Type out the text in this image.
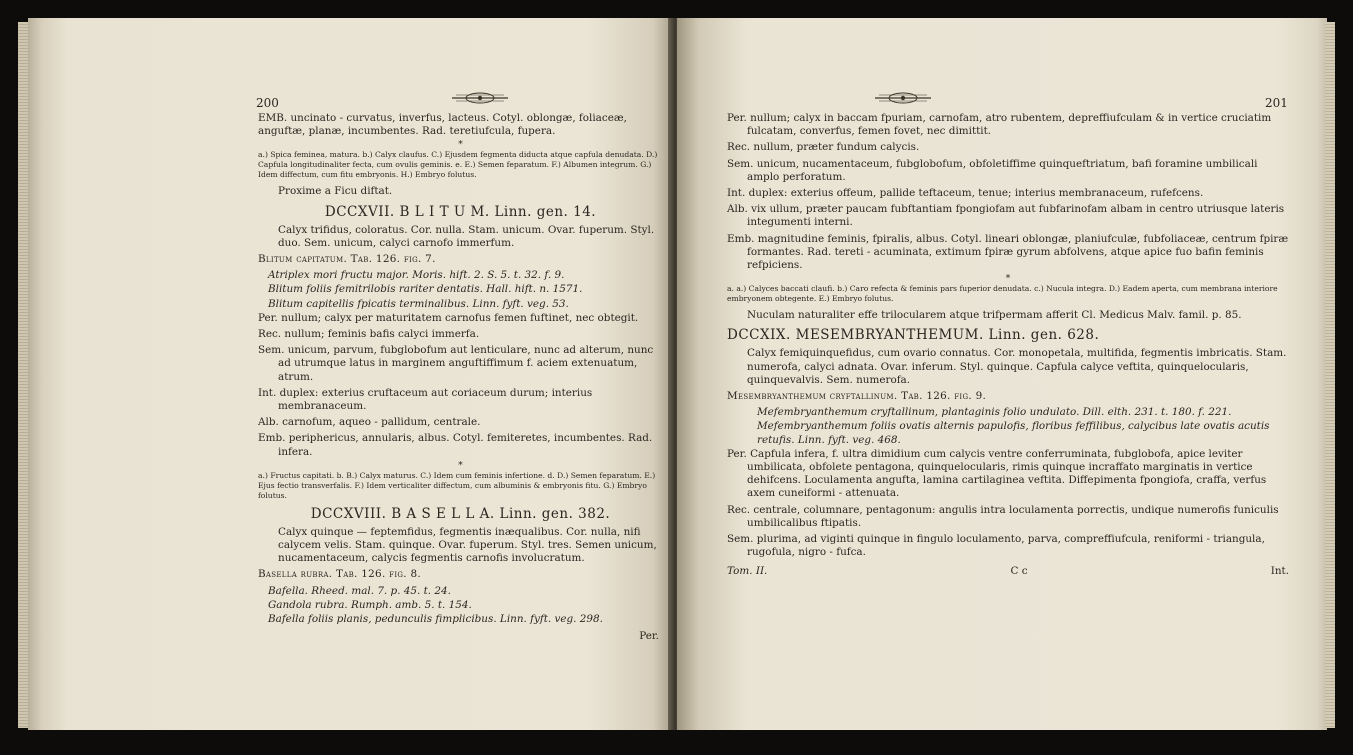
200

EMB. uncinato - curvatus, inverfus, lacteus. Cotyl. oblongæ, foliaceæ, anguftæ, planæ, incumbentes. Rad. teretiufcula, fupera.

*

a.) Spica feminea, matura. b.) Calyx claufus. C.) Ejusdem fegmenta diducta atque capfula denudata. D.) Capfula longitudinaliter fecta, cum ovulis geminis. e. E.) Semen feparatum. F.) Albumen integrum. G.) Idem diffectum, cum fitu embryonis. H.) Embryo folutus.

Proxime a Ficu diftat.

DCCXVII. B L I T U M. Linn. gen. 14.

Calyx trifidus, coloratus. Cor. nulla. Stam. unicum. Ovar. fuperum. Styl. duo. Sem. unicum, calyci carnofo immerfum.

Blitum capitatum. Tab. 126. fig. 7.

Atriplex mori fructu major. Moris. hift. 2. S. 5. t. 32. f. 9.

Blitum foliis femitrilobis rariter dentatis. Hall. hift. n. 1571.

Blitum capitellis fpicatis terminalibus. Linn. fyft. veg. 53.

Per. nullum; calyx per maturitatem carnofus femen fuftinet, nec obtegit.

Rec. nullum; feminis bafis calyci immerfa.

Sem. unicum, parvum, fubglobofum aut lenticulare, nunc ad alterum, nunc ad utrumque latus in marginem anguftiffimum f. aciem extenuatum, atrum.

Int. duplex: exterius cruftaceum aut coriaceum durum; interius membranaceum.

Alb. carnofum, aqueo - pallidum, centrale.

Emb. periphericus, annularis, albus. Cotyl. femiteretes, incumbentes. Rad. infera.

*

a.) Fructus capitati. b. B.) Calyx maturus. C.) Idem cum feminis infertione. d. D.) Semen feparatum. E.) Ejus fectio transverfalis. F.) Idem verticaliter diffectum, cum albuminis & embryonis fitu. G.) Embryo folutus.

DCCXVIII. B A S E L L A. Linn. gen. 382.

Calyx quinque — feptemfidus, fegmentis inæqualibus. Cor. nulla, nifi calycem velis. Stam. quinque. Ovar. fuperum. Styl. tres. Semen unicum, nucamentaceum, calycis fegmentis carnofis involucratum.

Basella rubra. Tab. 126. fig. 8.

Bafella. Rheed. mal. 7. p. 45. t. 24.

Gandola rubra. Rumph. amb. 5. t. 154.

Bafella foliis planis, pedunculis fimplicibus. Linn. fyft. veg. 298.

Per.

201

Per. nullum; calyx in baccam fpuriam, carnofam, atro rubentem, depreffiufculam & in vertice cruciatim fulcatam, converfus, femen fovet, nec dimittit.

Rec. nullum, præter fundum calycis.

Sem. unicum, nucamentaceum, fubglobofum, obfoletiffime quinqueftriatum, bafi foramine umbilicali amplo perforatum.

Int. duplex: exterius offeum, pallide teftaceum, tenue; interius membranaceum, rufefcens.

Alb. vix ullum, præter paucam fubftantiam fpongiofam aut fubfarinofam albam in centro utriusque lateris integumenti interni.

Emb. magnitudine feminis, fpiralis, albus. Cotyl. lineari oblongæ, planiufculæ, fubfoliaceæ, centrum fpiræ formantes. Rad. tereti - acuminata, extimum fpiræ gyrum abfolvens, atque apice fuo bafin feminis refpiciens.

*

a. a.) Calyces baccati claufi. b.) Caro refecta & feminis pars fuperior denudata. c.) Nucula integra. D.) Eadem aperta, cum membrana interiore embryonem obtegente. E.) Embryo folutus.

Nuculam naturaliter effe trilocularem atque trifpermam afferit Cl. Medicus Malv. famil. p. 85.

DCCXIX. MESEMBRYANTHEMUM. Linn. gen. 628.

Calyx femiquinquefidus, cum ovario connatus. Cor. monopetala, multifida, fegmentis imbricatis. Stam. numerofa, calyci adnata. Ovar. inferum. Styl. quinque. Capfula calyce veftita, quinquelocularis, quinquevalvis. Sem. numerofa.

Mesembryanthemum cryftallinum. Tab. 126. fig. 9.

Mefembryanthemum cryftallinum, plantaginis folio undulato. Dill. elth. 231. t. 180. f. 221.

Mefembryanthemum foliis ovatis alternis papulofis, floribus feffilibus, calycibus late ovatis acutis retufis. Linn. fyft. veg. 468.

Per. Capfula infera, f. ultra dimidium cum calycis ventre conferruminata, fubglobofa, apice leviter umbilicata, obfolete pentagona, quinquelocularis, rimis quinque incraffato marginatis in vertice dehifcens. Loculamenta angufta, lamina cartilaginea veftita. Diffepimenta fpongiofa, craffa, verfus axem cuneiformi - attenuata.

Rec. centrale, columnare, pentagonum: angulis intra loculamenta porrectis, undique numerofis funiculis umbilicalibus ftipatis.

Sem. plurima, ad viginti quinque in fingulo loculamento, parva, compreffiufcula, reniformi - triangula, rugofula, nigro - fufca.

Tom. II.	C c	Int.
